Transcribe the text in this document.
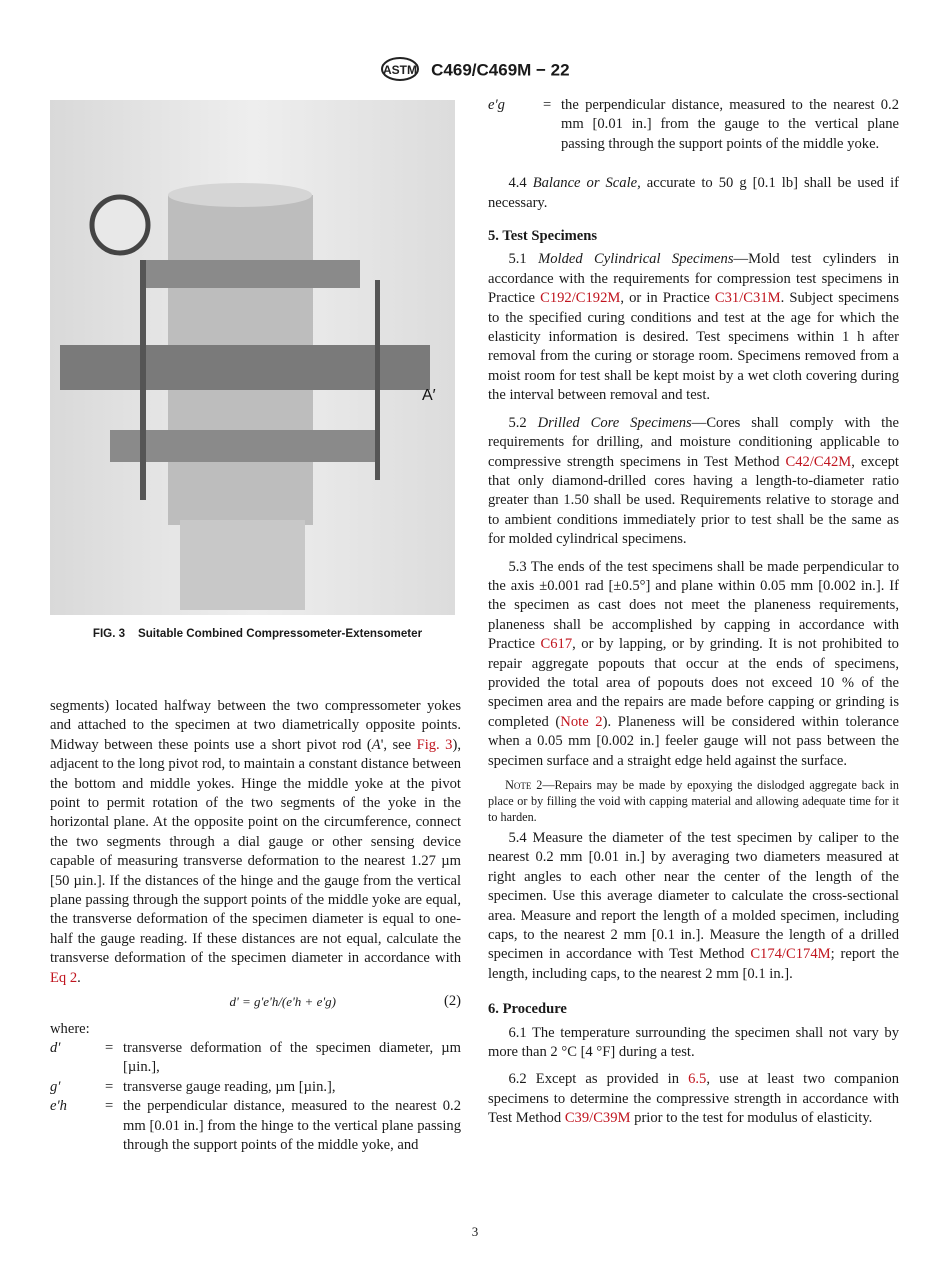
ASTM C469/C469M − 22
A′
FIG. 3 Suitable Combined Compressometer-Extensometer

segments) located halfway between the two compressometer yokes and attached to the specimen at two diametrically opposite points. Midway between these points use a short pivot rod (A', see Fig. 3), adjacent to the long pivot rod, to maintain a constant distance between the bottom and middle yokes. Hinge the middle yoke at the pivot point to permit rotation of the two segments of the yoke in the horizontal plane. At the opposite point on the circumference, connect the two segments through a dial gauge or other sensing device capable of measuring transverse deformation to the nearest 1.27 µm [50 µin.]. If the distances of the hinge and the gauge from the vertical plane passing through the support points of the middle yoke are equal, the transverse deformation of the specimen diameter is equal to one-half the gauge reading. If these distances are not equal, calculate the transverse deformation of the specimen diameter in accordance with Eq 2.

d' = g'e'h/(e'h + e'g)	(2)

where:

d′	= transverse deformation of the specimen diameter, µm [µin.],
g′	= transverse gauge reading, µm [µin.],
e′h	= the perpendicular distance, measured to the nearest 0.2 mm [0.01 in.] from the hinge to the vertical plane passing through the support points of the middle yoke, and
e′g	= the perpendicular distance, measured to the nearest 0.2 mm [0.01 in.] from the gauge to the vertical plane passing through the support points of the middle yoke.

4.4 Balance or Scale, accurate to 50 g [0.1 lb] shall be used if necessary.

5. Test Specimens

5.1 Molded Cylindrical Specimens—Mold test cylinders in accordance with the requirements for compression test specimens in Practice C192/C192M, or in Practice C31/C31M. Subject specimens to the specified curing conditions and test at the age for which the elasticity information is desired. Test specimens within 1 h after removal from the curing or storage room. Specimens removed from a moist room for test shall be kept moist by a wet cloth covering during the interval between removal and test.

5.2 Drilled Core Specimens—Cores shall comply with the requirements for drilling, and moisture conditioning applicable to compressive strength specimens in Test Method C42/C42M, except that only diamond-drilled cores having a length-to-diameter ratio greater than 1.50 shall be used. Requirements relative to storage and to ambient conditions immediately prior to test shall be the same as for molded cylindrical specimens.

5.3 The ends of the test specimens shall be made perpendicular to the axis ±0.001 rad [±0.5°] and plane within 0.05 mm [0.002 in.]. If the specimen as cast does not meet the planeness requirements, planeness shall be accomplished by capping in accordance with Practice C617, or by lapping, or by grinding. It is not prohibited to repair aggregate popouts that occur at the ends of specimens, provided the total area of popouts does not exceed 10 % of the specimen area and the repairs are made before capping or grinding is completed (Note 2). Planeness will be considered within tolerance when a 0.05 mm [0.002 in.] feeler gauge will not pass between the specimen surface and a straight edge held against the surface.

Note 2—Repairs may be made by epoxying the dislodged aggregate back in place or by filling the void with capping material and allowing adequate time for it to harden.

5.4 Measure the diameter of the test specimen by caliper to the nearest 0.2 mm [0.01 in.] by averaging two diameters measured at right angles to each other near the center of the length of the specimen. Use this average diameter to calculate the cross-sectional area. Measure and report the length of a molded specimen, including caps, to the nearest 2 mm [0.1 in.]. Measure the length of a drilled specimen in accordance with Test Method C174/C174M; report the length, including caps, to the nearest 2 mm [0.1 in.].

6. Procedure

6.1 The temperature surrounding the specimen shall not vary by more than 2 °C [4 °F] during a test.

6.2 Except as provided in 6.5, use at least two companion specimens to determine the compressive strength in accordance with Test Method C39/C39M prior to the test for modulus of elasticity.

3
